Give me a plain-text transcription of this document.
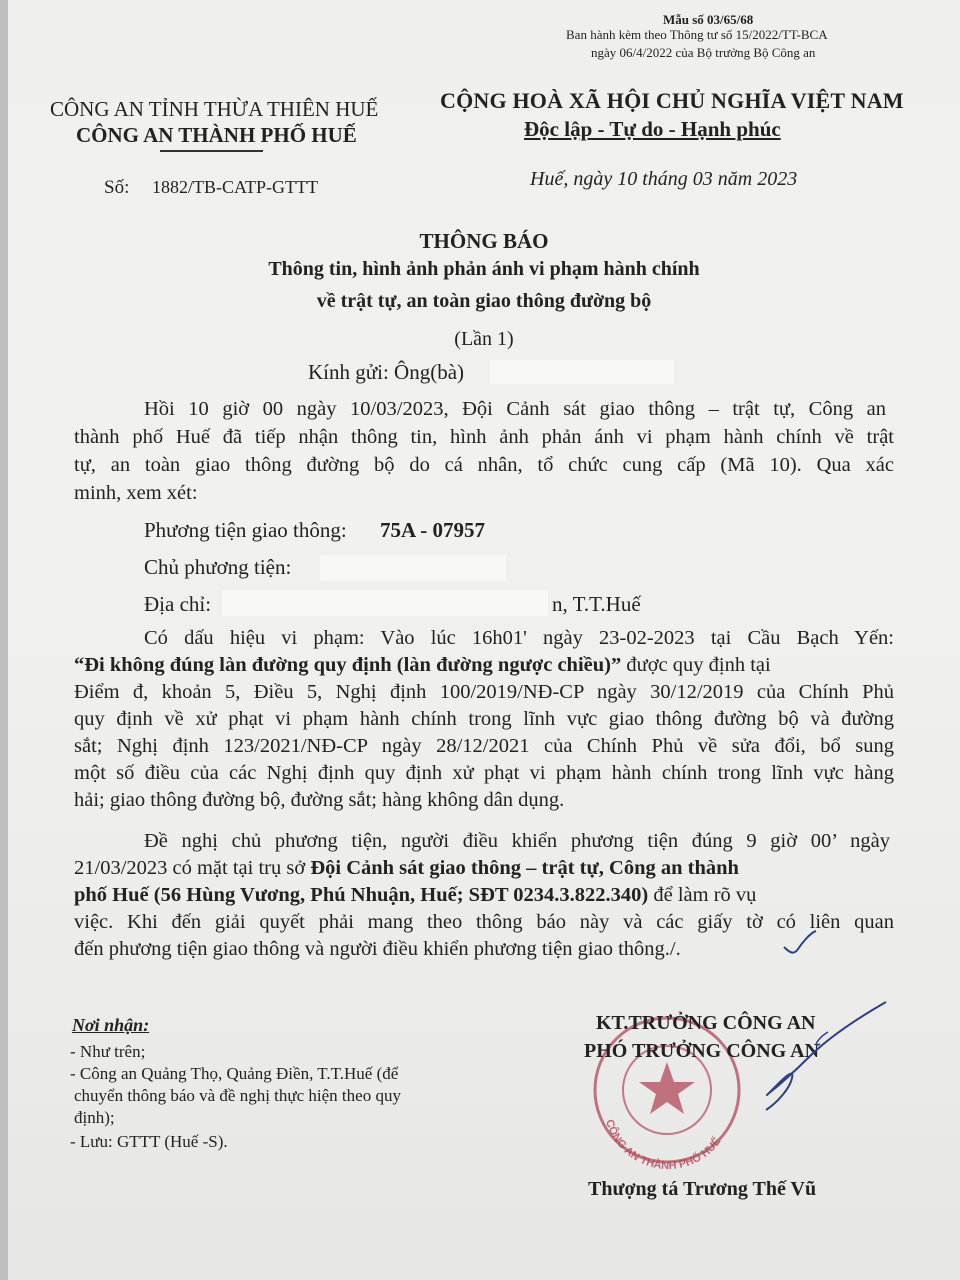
Mẫu số 03/65/68
Ban hành kèm theo Thông tư số 15/2022/TT-BCA
ngày 06/4/2022 của Bộ trưởng Bộ Công an
CÔNG AN TỈNH THỪA THIÊN HUẾ
CÔNG AN THÀNH PHỐ HUẾ
CỘNG HOÀ XÃ HỘI CHỦ NGHĨA VIỆT NAM
Độc lập - Tự do - Hạnh phúc
Số: 1882/TB-CATP-GTTT	Huế, ngày 10 tháng 03 năm 2023
THÔNG BÁO
Thông tin, hình ảnh phản ánh vi phạm hành chính
về trật tự, an toàn giao thông đường bộ
(Lần 1)
Kính gửi: Ông(bà)
Hồi 10 giờ 00 ngày 10/03/2023, Đội Cảnh sát giao thông – trật tự, Công an
thành phố Huế đã tiếp nhận thông tin, hình ảnh phản ánh vi phạm hành chính về trật
tự, an toàn giao thông đường bộ do cá nhân, tổ chức cung cấp (Mã 10). Qua xác
minh, xem xét:
Phương tiện giao thông: 75A - 07957
Chủ phương tiện:
Địa chỉ:	n, T.T.Huế
Có dấu hiệu vi phạm: Vào lúc 16h01' ngày 23-02-2023 tại Cầu Bạch Yến:
“Đi không đúng làn đường quy định (làn đường ngược chiều)” được quy định tại
Điểm đ, khoản 5, Điều 5, Nghị định 100/2019/NĐ-CP ngày 30/12/2019 của Chính Phủ
quy định về xử phạt vi phạm hành chính trong lĩnh vực giao thông đường bộ và đường
sắt; Nghị định 123/2021/NĐ-CP ngày 28/12/2021 của Chính Phủ về sửa đổi, bổ sung
một số điều của các Nghị định quy định xử phạt vi phạm hành chính trong lĩnh vực hàng
hải; giao thông đường bộ, đường sắt; hàng không dân dụng.
Đề nghị chủ phương tiện, người điều khiển phương tiện đúng 9 giờ 00’ ngày
21/03/2023 có mặt tại trụ sở Đội Cảnh sát giao thông – trật tự, Công an thành
phố Huế (56 Hùng Vương, Phú Nhuận, Huế; SĐT 0234.3.822.340) để làm rõ vụ
việc. Khi đến giải quyết phải mang theo thông báo này và các giấy tờ có liên quan
đến phương tiện giao thông và người điều khiển phương tiện giao thông./.
Nơi nhận:
- Như trên;
- Công an Quảng Thọ, Quảng Điền, T.T.Huế (để
chuyển thông báo và đề nghị thực hiện theo quy
định);
- Lưu: GTTT (Huế -S).
CÔNG AN THÀNH PHỐ HUẾ
KT.TRƯỞNG CÔNG AN
PHÓ TRƯỞNG CÔNG AN
Thượng tá Trương Thế Vũ
